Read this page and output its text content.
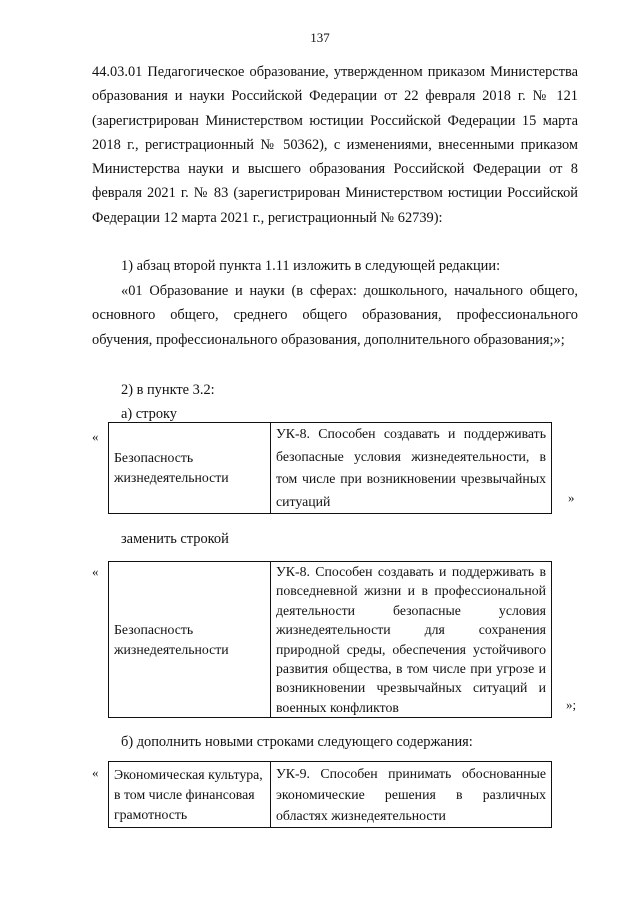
137
44.03.01 Педагогическое образование, утвержденном приказом Министерства образования и науки Российской Федерации от 22 февраля 2018 г. № 121 (зарегистрирован Министерством юстиции Российской Федерации 15 марта 2018 г., регистрационный № 50362), с изменениями, внесенными приказом Министерства науки и высшего образования Российской Федерации от 8 февраля 2021 г. № 83 (зарегистрирован Министерством юстиции Российской Федерации 12 марта 2021 г., регистрационный № 62739):
1) абзац второй пункта 1.11 изложить в следующей редакции:
«01 Образование и науки (в сферах: дошкольного, начального общего, основного общего, среднего общего образования, профессионального обучения, профессионального образования, дополнительного образования;»;
2) в пункте 3.2:
а) строку
«
Безопасность жизнедеятельности	УК-8. Способен создавать и поддерживать безопасные условия жизнедеятельности, в том числе при возникновении чрезвычайных ситуаций	»
заменить строкой
«
Безопасность жизнедеятельности	УК-8. Способен создавать и поддерживать в повседневной жизни и в профессиональной деятельности безопасные условия жизнедеятельности для сохранения природной среды, обеспечения устойчивого развития общества, в том числе при угрозе и возникновении чрезвычайных ситуаций и военных конфликтов	»;
б) дополнить новыми строками следующего содержания:
« Экономическая культура, в том числе финансовая грамотность	УК-9. Способен принимать обоснованные экономические решения в различных областях жизнедеятельности
